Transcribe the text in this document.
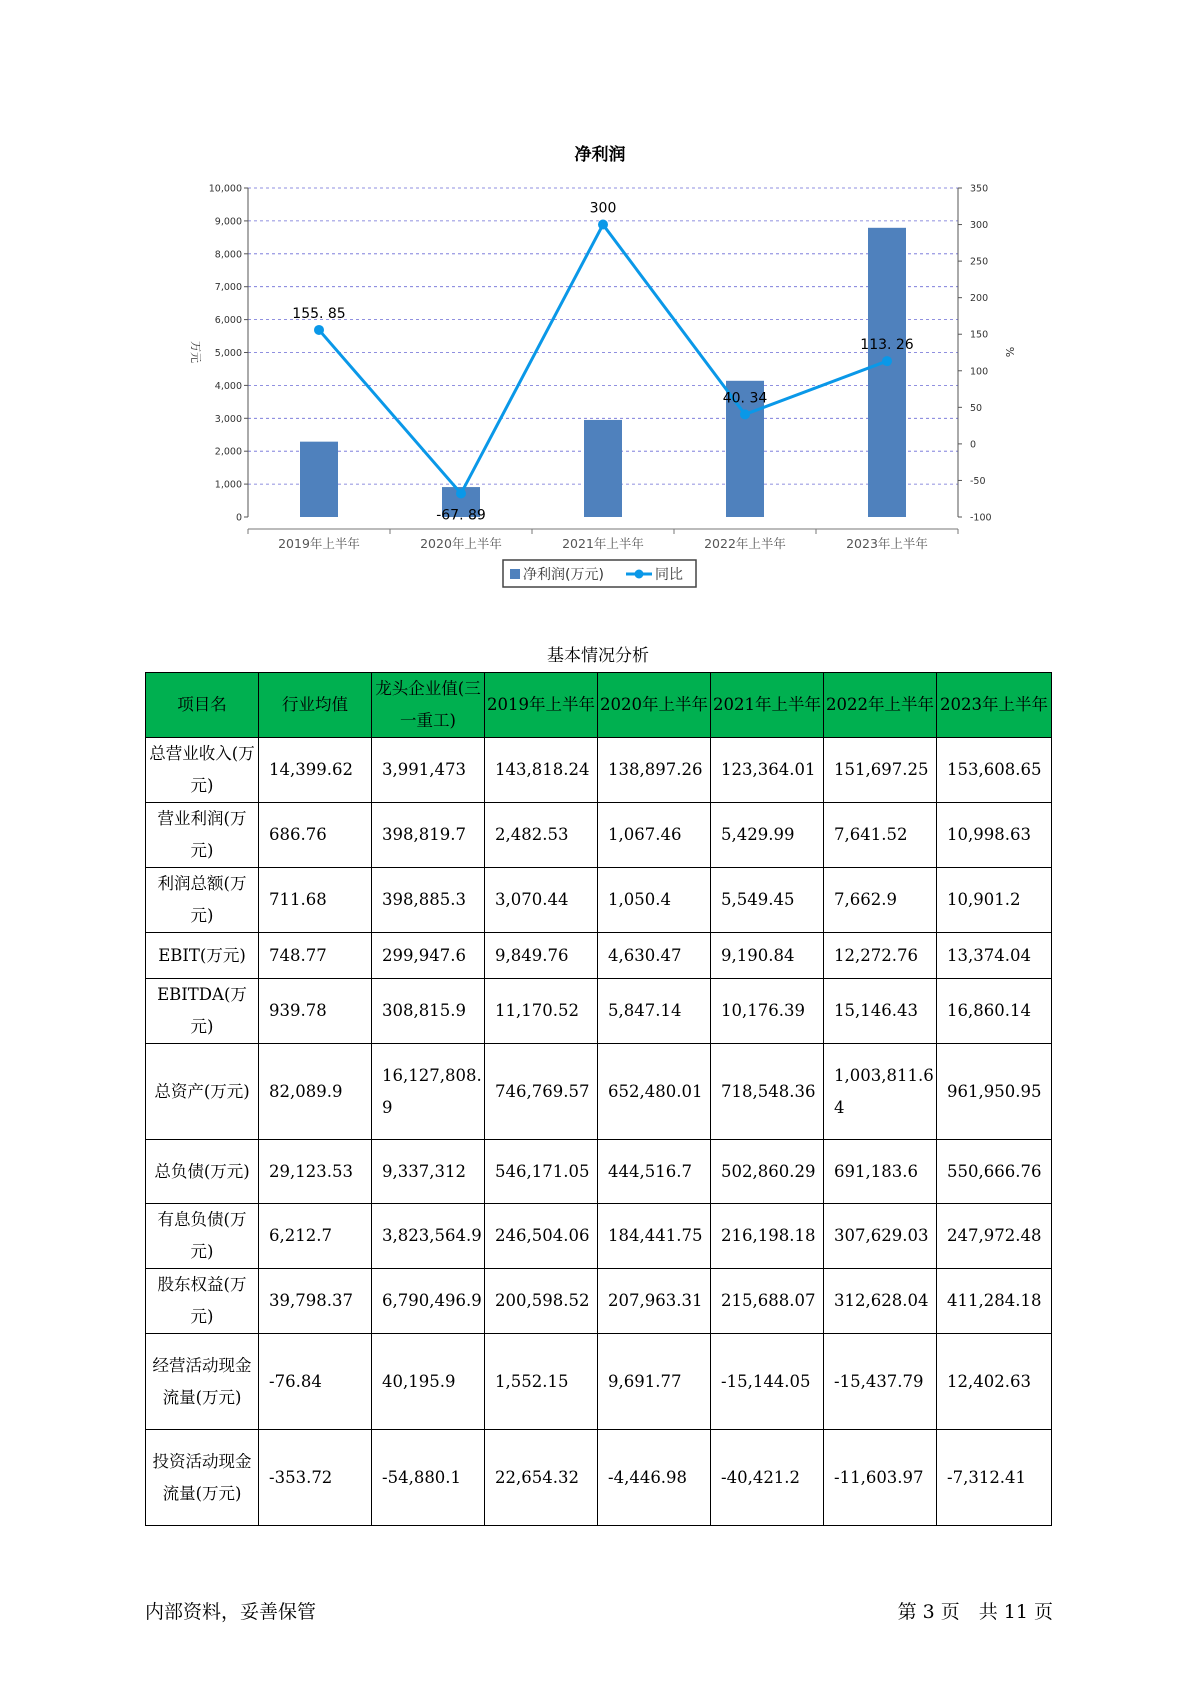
净利润
0
1,000
2,000
3,000
4,000
5,000
6,000
7,000
8,000
9,000
10,000
-100
-50
0
50
100
150
200
250
300
350
2019年上半年	2020年上半年	2021年上半年	2022年上半年	2023年上半年
万元	%
155. 85
-67. 89
300
40. 34
113. 26
净利润(万元)	同比
基本情况分析
项目名	行业均值	龙头企业值(三一重工)	2019年上半年	2020年上半年	2021年上半年	2022年上半年	2023年上半年
总营业收入(万元)	14,399.62	3,991,473	143,818.24	138,897.26	123,364.01	151,697.25	153,608.65
营业利润(万元)	686.76	398,819.7	2,482.53	1,067.46	5,429.99	7,641.52	10,998.63
利润总额(万元)	711.68	398,885.3	3,070.44	1,050.4	5,549.45	7,662.9	10,901.2
EBIT(万元)	748.77	299,947.6	9,849.76	4,630.47	9,190.84	12,272.76	13,374.04
EBITDA(万元)	939.78	308,815.9	11,170.52	5,847.14	10,176.39	15,146.43	16,860.14
总资产(万元)	82,089.9	16,127,808.9	746,769.57	652,480.01	718,548.36	1,003,811.64	961,950.95
总负债(万元)	29,123.53	9,337,312	546,171.05	444,516.7	502,860.29	691,183.6	550,666.76
有息负债(万元)	6,212.7	3,823,564.9	246,504.06	184,441.75	216,198.18	307,629.03	247,972.48
股东权益(万元)	39,798.37	6,790,496.9	200,598.52	207,963.31	215,688.07	312,628.04	411,284.18
经营活动现金流量(万元)	-76.84	40,195.9	1,552.15	9,691.77	-15,144.05	-15,437.79	12,402.63
投资活动现金流量(万元)	-353.72	-54,880.1	22,654.32	-4,446.98	-40,421.2	-11,603.97	-7,312.41
内部资料，妥善保管	第 3 页　共 11 页
